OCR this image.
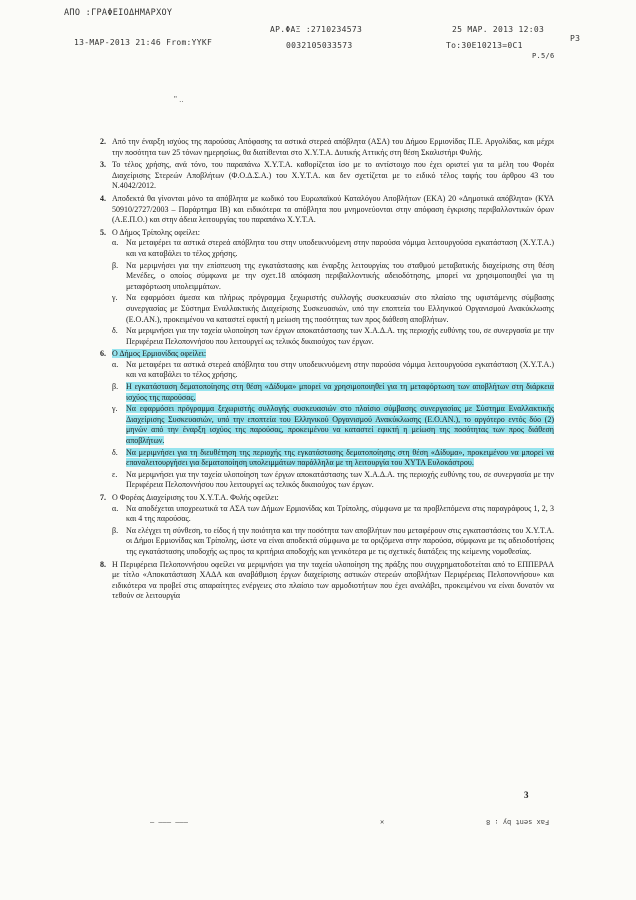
ΑΠΟ :ΓΡΑΦΕΙΟΔΗΜΑΡΧΟΥ
ΑΡ.ΦΑΞ :2710234573	25 ΜΑΡ. 2013 12:03
Ρ3
13-ΜΑΡ-2013 21:46 From:YYKF	0032105033573	To:30E10213=0C1
Ρ.5/6
" ..
2. Από την έναρξη ισχύος της παρούσας Απόφασης τα αστικά στερεά απόβλητα (ΑΣΑ) του Δήμου Ερμιονίδας Π.Ε. Αργολίδας, και μέχρι την ποσότητα των 25 τόνων ημερησίως, θα διατίθενται στο Χ.Υ.Τ.Α. Δυτικής Αττικής στη θέση Σκαλιστήρι Φυλής.
3. Το τέλος χρήσης, ανά τόνο, του παραπάνω Χ.Υ.Τ.Α. καθορίζεται ίσο με το αντίστοιχο που έχει οριστεί για τα μέλη του Φορέα Διαχείρισης Στερεών Αποβλήτων (Φ.Ο.Δ.Σ.Α.) του Χ.Υ.Τ.Α. και δεν σχετίζεται με το ειδικό τέλος ταφής του άρθρου 43 του Ν.4042/2012.
4. Αποδεκτά θα γίνονται μόνο τα απόβλητα με κωδικό του Ευρωπαϊκού Καταλόγου Αποβλήτων (ΕΚΑ) 20 «Δημοτικά απόβλητα» (ΚΥΑ 50910/2727/2003 – Παράρτημα ΙΒ) και ειδικότερα τα απόβλητα που μνημονεύονται στην απόφαση έγκρισης περιβαλλοντικών όρων (Α.Ε.Π.Ο.) και στην άδεια λειτουργίας του παραπάνω Χ.Υ.Τ.Α.
5. Ο Δήμος Τρίπολης οφείλει:
α. Να μεταφέρει τα αστικά στερεά απόβλητα του στην υποδεικνυόμενη στην παρούσα νόμιμα λειτουργούσα εγκατάσταση (Χ.Υ.Τ.Α.) και να καταβάλει το τέλος χρήσης.
β. Να μεριμνήσει για την επίσπευση της εγκατάστασης και έναρξης λειτουργίας του σταθμού μεταβατικής διαχείρισης στη θέση Μενέδες, ο οποίος σύμφωνα με την σχετ.18 απόφαση περιβαλλοντικής αδειοδότησης, μπορεί να χρησιμοποιηθεί για τη μεταφόρτωση υπολειμμάτων.
γ. Να εφαρμόσει άμεσα και πλήρως πρόγραμμα ξεχωριστής συλλογής συσκευασιών στο πλαίσιο της υφιστάμενης σύμβασης συνεργασίας με Σύστημα Εναλλακτικής Διαχείρισης Συσκευασιών, υπό την εποπτεία του Ελληνικού Οργανισμού Ανακύκλωσης (Ε.Ο.ΑΝ.), προκειμένου να καταστεί εφικτή η μείωση της ποσότητας των προς διάθεση αποβλήτων.
δ. Να μεριμνήσει για την ταχεία υλοποίηση των έργων αποκατάστασης των Χ.Α.Δ.Α. της περιοχής ευθύνης του, σε συνεργασία με την Περιφέρεια Πελοποννήσου που λειτουργεί ως τελικός δικαιούχος των έργων.
6. Ο Δήμος Ερμιονίδας οφείλει:
α. Να μεταφέρει τα αστικά στερεά απόβλητα του στην υποδεικνυόμενη στην παρούσα νόμιμα λειτουργούσα εγκατάσταση (Χ.Υ.Τ.Α.) και να καταβάλει το τέλος χρήσης.
β. Η εγκατάσταση δεματοποίησης στη θέση «Δίδυμα» μπορεί να χρησιμοποιηθεί για τη μεταφόρτωση των αποβλήτων στη διάρκεια ισχύος της παρούσας.
γ. Να εφαρμόσει πρόγραμμα ξεχωριστής συλλογής συσκευασιών στο πλαίσιο σύμβασης συνεργασίας με Σύστημα Εναλλακτικής Διαχείρισης Συσκευασιών, υπό την εποπτεία του Ελληνικού Οργανισμού Ανακύκλωσης (Ε.Ο.ΑΝ.), το αργότερο εντός δύο (2) μηνών από την έναρξη ισχύος της παρούσας, προκειμένου να καταστεί εφικτή η μείωση της ποσότητας των προς διάθεση αποβλήτων.
δ. Να μεριμνήσει για τη διευθέτηση της περιοχής της εγκατάστασης δεματοποίησης στη θέση «Δίδυμα», προκειμένου να μπορεί να επαναλειτουργήσει για δεματοποίηση υπολειμμάτων παράλληλα με τη λειτουργία του ΧΥΤΑ Ευλοκάστρου.
ε. Να μεριμνήσει για την ταχεία υλοποίηση των έργων αποκατάστασης των Χ.Α.Δ.Α. της περιοχής ευθύνης του, σε συνεργασία με την Περιφέρεια Πελοποννήσου που λειτουργεί ως τελικός δικαιούχος των έργων.
7. Ο Φορέας Διαχείρισης του Χ.Υ.Τ.Α. Φυλής οφείλει:
α. Να αποδέχεται υποχρεωτικά τα ΑΣΑ των Δήμων Ερμιονίδας και Τρίπολης, σύμφωνα με τα προβλεπόμενα στις παραγράφους 1, 2, 3 και 4 της παρούσας.
β. Να ελέγχει τη σύνθεση, το είδος ή την ποιότητα και την ποσότητα των αποβλήτων που μεταφέρουν στις εγκαταστάσεις του Χ.Υ.Τ.Α. οι Δήμοι Ερμιονίδας και Τρίπολης, ώστε να είναι αποδεκτά σύμφωνα με τα οριζόμενα στην παρούσα, σύμφωνα με τις αδειοδοτήσεις της εγκατάστασης υποδοχής ως προς τα κριτήρια αποδοχής και γενικότερα με τις σχετικές διατάξεις της κείμενης νομοθεσίας.
8. Η Περιφέρεια Πελοποννήσου οφείλει να μεριμνήσει για την ταχεία υλοποίηση της πράξης που συγχρηματοδοτείται από το ΕΠΠΕΡΑΑ με τίτλο «Αποκατάσταση ΧΑΔΑ και αναβάθμιση έργων διαχείρισης αστικών στερεών αποβλήτων Περιφέρειας Πελοποννήσου» και ειδικότερα να προβεί στις απαραίτητες ενέργειες στο πλαίσιο των αρμοδιοτήτων που έχει αναλάβει, προκειμένου να είναι δυνατόν να τεθούν σε λειτουργία
3
— ——— ———	✕	Fax sent by : 8
